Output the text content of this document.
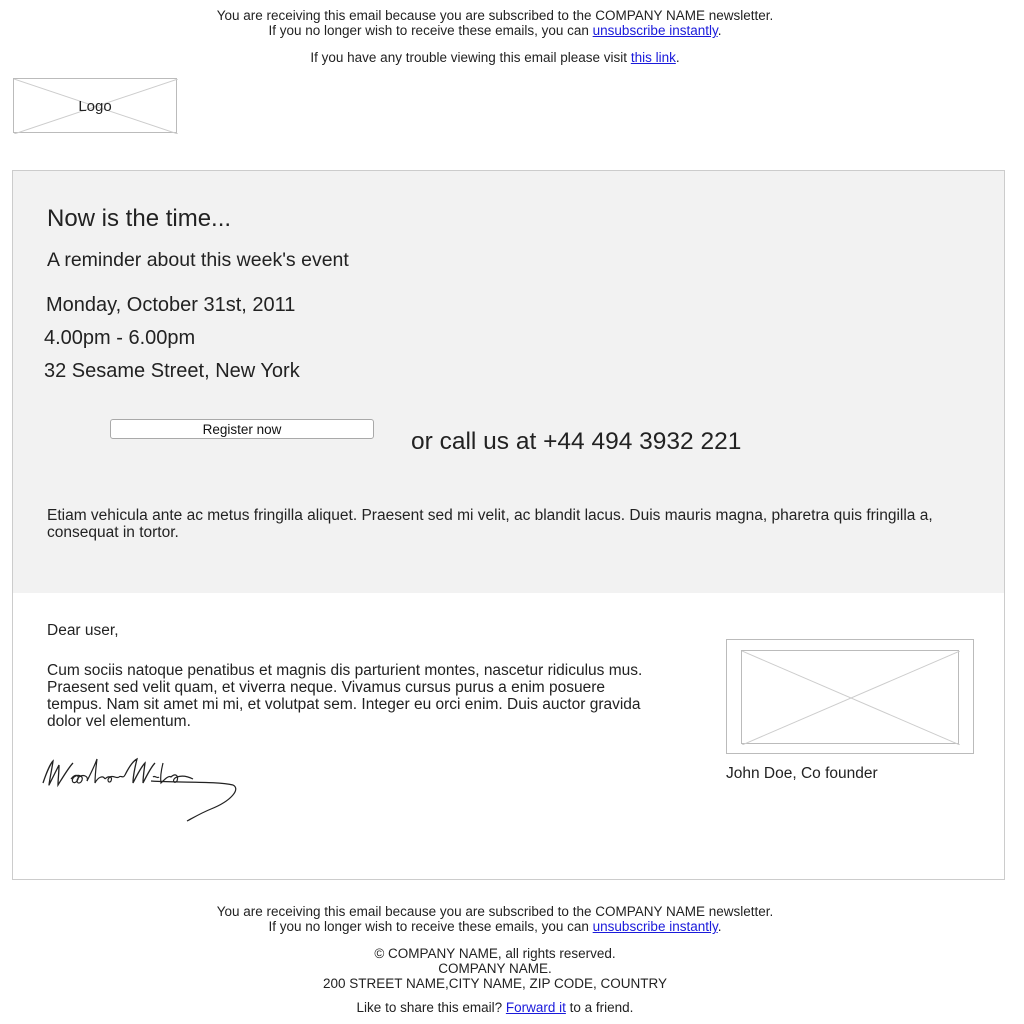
You are receiving this email because you are subscribed to the COMPANY NAME newsletter.
If you no longer wish to receive these emails, you can unsubscribe instantly.
If you have any trouble viewing this email please visit this link.
Logo
Now is the time...
A reminder about this week's event
Monday, October 31st, 2011
4.00pm - 6.00pm
32 Sesame Street, New York
Register now	or call us at +44 494 3932 221
Etiam vehicula ante ac metus fringilla aliquet. Praesent sed mi velit, ac blandit lacus. Duis mauris magna, pharetra quis fringilla a, consequat in tortor.
Dear user,
Cum sociis natoque penatibus et magnis dis parturient montes, nascetur ridiculus mus. Praesent sed velit quam, et viverra neque. Vivamus cursus purus a enim posuere tempus. Nam sit amet mi mi, et volutpat sem. Integer eu orci enim. Duis auctor gravida dolor vel elementum.
John Doe, Co founder
You are receiving this email because you are subscribed to the COMPANY NAME newsletter.
If you no longer wish to receive these emails, you can unsubscribe instantly.
© COMPANY NAME, all rights reserved.
COMPANY NAME.
200 STREET NAME,CITY NAME, ZIP CODE, COUNTRY
Like to share this email? Forward it to a friend.
